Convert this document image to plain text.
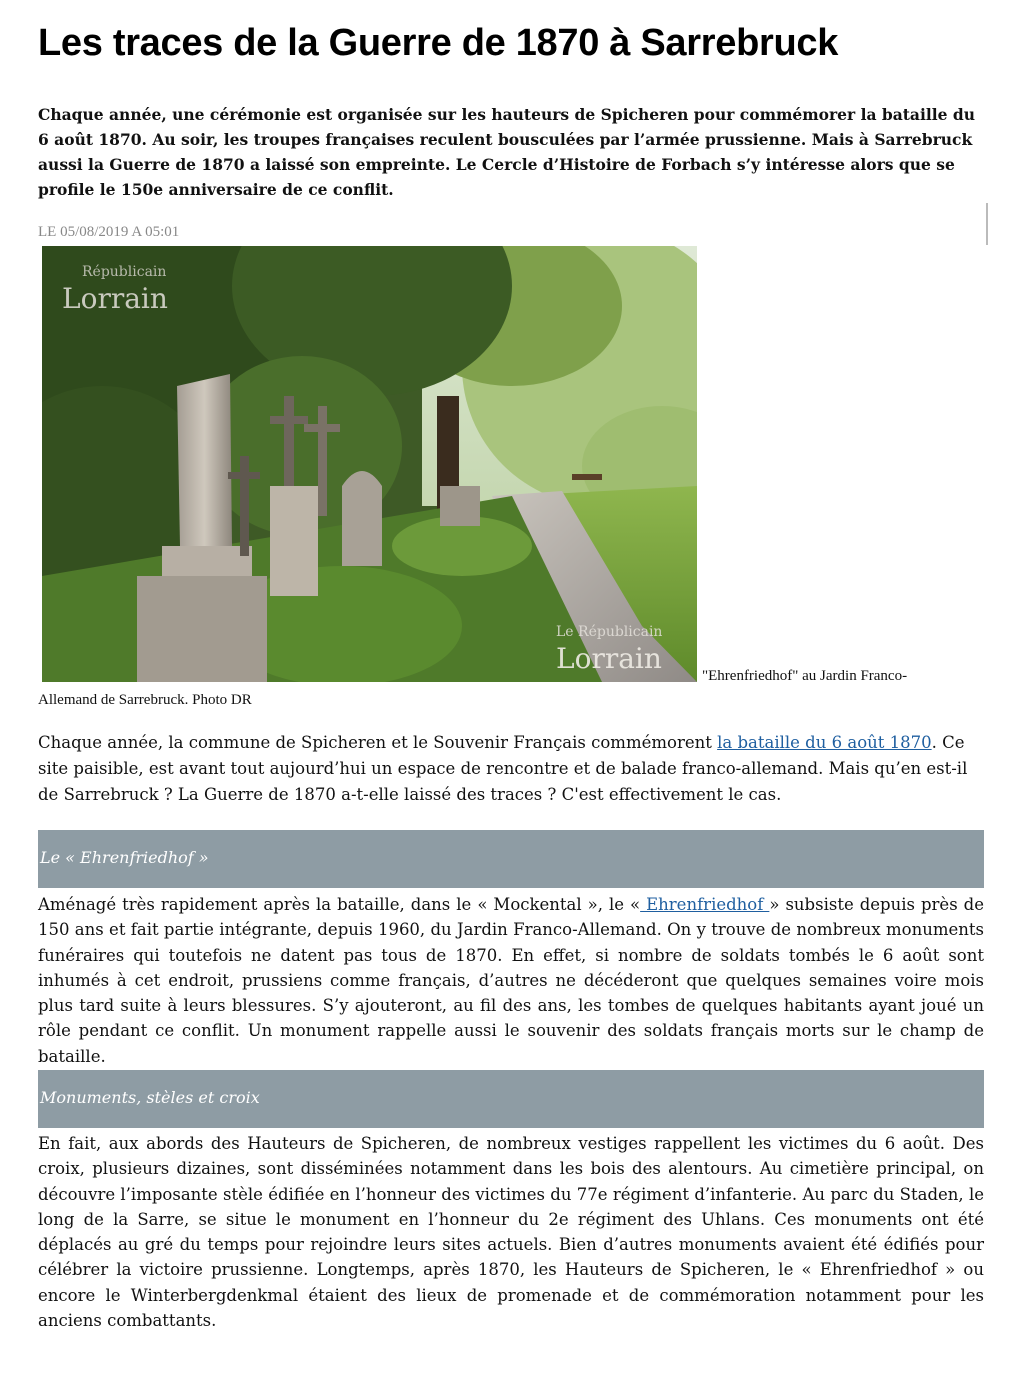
Les traces de la Guerre de 1870 à Sarrebruck
Chaque année, une cérémonie est organisée sur les hauteurs de Spicheren pour commémorer la bataille du 6 août 1870. Au soir, les troupes françaises reculent bousculées par l’armée prussienne. Mais à Sarrebruck aussi la Guerre de 1870 a laissé son empreinte. Le Cercle d’Histoire de Forbach s’y intéresse alors que se profile le 150e anniversaire de ce conflit.
LE 05/08/2019 A 05:01
Républicain
Lorrain
Le Républicain
Lorrain
"Ehrenfriedhof" au Jardin Franco-
Allemand de Sarrebruck. Photo DR
Chaque année, la commune de Spicheren et le Souvenir Français commémorent la bataille du 6 août 1870. Ce site paisible, est avant tout aujourd’hui un espace de rencontre et de balade franco-allemand. Mais qu’en est-il de Sarrebruck ? La Guerre de 1870 a-t-elle laissé des traces ? C'est effectivement le cas.
Le « Ehrenfriedhof »
Aménagé très rapidement après la bataille, dans le « Mockental », le « Ehrenfriedhof » subsiste depuis près de 150 ans et fait partie intégrante, depuis 1960, du Jardin Franco-Allemand. On y trouve de nombreux monuments funéraires qui toutefois ne datent pas tous de 1870. En effet, si nombre de soldats tombés le 6 août sont inhumés à cet endroit, prussiens comme français, d’autres ne décéderont que quelques semaines voire mois plus tard suite à leurs blessures. S’y ajouteront, au fil des ans, les tombes de quelques habitants ayant joué un rôle pendant ce conflit. Un monument rappelle aussi le souvenir des soldats français morts sur le champ de bataille.
Monuments, stèles et croix
En fait, aux abords des Hauteurs de Spicheren, de nombreux vestiges rappellent les victimes du 6 août. Des croix, plusieurs dizaines, sont disséminées notamment dans les bois des alentours. Au cimetière principal, on découvre l’imposante stèle édifiée en l’honneur des victimes du 77e régiment d’infanterie. Au parc du Staden, le long de la Sarre, se situe le monument en l’honneur du 2e régiment des Uhlans. Ces monuments ont été déplacés au gré du temps pour rejoindre leurs sites actuels. Bien d’autres monuments avaient été édifiés pour célébrer la victoire prussienne. Longtemps, après 1870, les Hauteurs de Spicheren, le « Ehrenfriedhof » ou encore le Winterbergdenkmal étaient des lieux de promenade et de commémoration notamment pour les anciens combattants.
